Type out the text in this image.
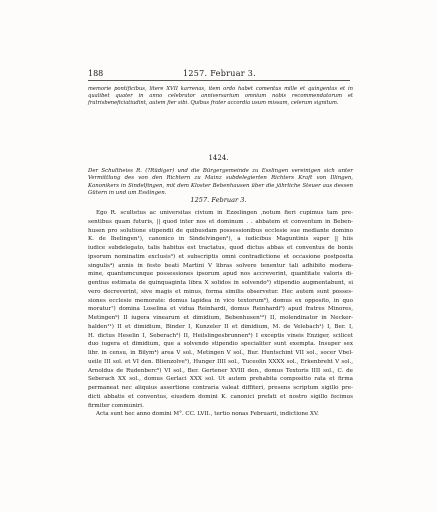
188	1257. Februar 3.
memorie pontificibus, litere XVII karrenas, item ordo habet comentus mille et quingentas et in qualibet quater in anno celebrator anniversarium omnium nobis recommendatorum et fratrisbeneficiatiudint, autem fier sibi. Quibus frater accordia usum missam, celerum signitum.
1424.
Der Schultheiss R. (?Rüdiger) und die Bürgergemeinde zu Esslingen vereinigen sich unter Vermittlung des von den Richtern zu Mainz subdelegierten Richters Kraft von Illingen, Kanonikers in Sindelfingen, mit dem Kloster Bebenhausen über die jährliche Steuer aus dessen Gütern in und um Esslingen.
1257. Februar 3.
Ego R. scultetus ac universitas civium in Ezzelingen ,notum fieri cupimus tam pre-
sentibus quam futuris, || quod inter nos et dominum . . abbatem et conventum in Beben-
husen pro solutione stipendii de quibusdam possessionibus ecclesie sue mediante domino
K. de Ihelingen¹), canonico in Sindelvingen²), a iudicibus Maguntinis super || hiis
iudice subdelegato, talis habitus est tractatus, quod dictus abbas et conventus de bonis
ipsorum nominatim exclusis³) et subscriptis omni contradictione et occasione postposita
singulis⁴) annis in festo beati Martini V libras solvere tenentur tali adhibito modera-
mine, quantumcunque possessiones ipsorum apud nos accreverint, quantitate valoris di-
gentius estimata de quinquaginta libra X solidos in solvendo⁵) stipendio augmentabunt, si
vero decreverint, sive magis et minus, forma similis observetur. Hec autem sunt posses-
siones ecclesie memorate: domus lapidea in vico textorum⁶), domus ex opposito, in quo
moratur⁷) domina Loselina et vidua Reinhardi, domus Reinhardi⁸) apud fratres Minores,
Metingen⁹) II iugera vinearum et dimidium, Bebenhusen¹⁰) II, molendinator in Necker-
halden¹¹) II et dimidium, Binder I, Kunzeler II et dimidium, M. de Velebach¹) I, Ber. I,
H. dictus Heselin I, Seberach²) II, Heilslingesbrunnen³) I exceptis vineis Enziger, scilicet
duo iugera et dimidium, que a solvendo stipendio specialiter sunt exempta. Insuper sex
libr. in censu, in Bilym⁴) area V sol., Metingen V sol., Bur. Huntschint VII sol., socer Vbel-
ueile III sol. et VI den. Blienzolve⁵), Hunger IIII sol., Tuceolin XXXX sol., Erkenbreht V sol.,
Arnoldus de Rudenberc⁶) VI sol., Ber. Gertener XVIII den., domus Textoris IIII sol., C. de
Seberach XX sol., domus Gerlaci XXX sol. Ut autem prehabita compositio rata et firma
permaneat nec aliquius assertione contraria valeat diffiteri, presens scriptum sigillo pre-
dicti abbatis et conventus, eiusdem domini K. canonici prefati et nostro sigillo fecimus
firmiter communiri.
Acta sunt hec anno domini M°. CC. LVII., tertio nonas Februarii, indictione XV.
